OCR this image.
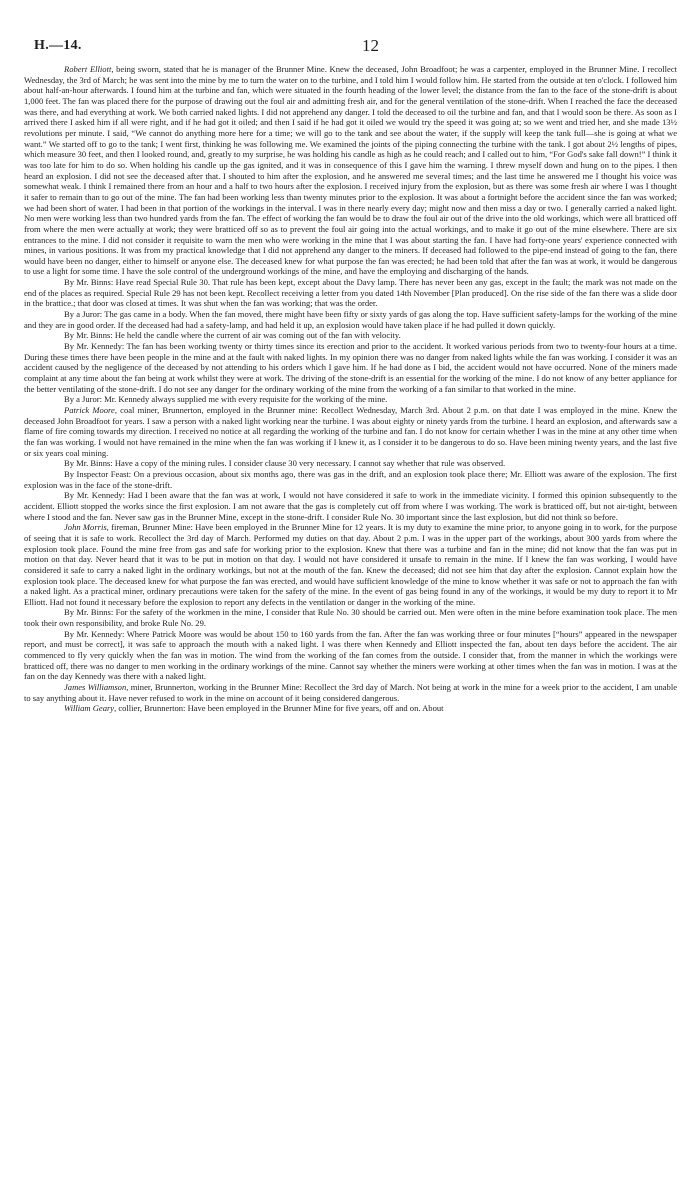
H.—14.	12

Robert Elliott, being sworn, stated that he is manager of the Brunner Mine. Knew the deceased, John Broadfoot; he was a carpenter, employed in the Brunner Mine. I recollect Wednesday, the 3rd of March; he was sent into the mine by me to turn the water on to the turbine, and I told him I would follow him. He started from the outside at ten o'clock. I followed him about half-an-hour afterwards. I found him at the turbine and fan, which were situated in the fourth heading of the lower level; the distance from the fan to the face of the stone-drift is about 1,000 feet. The fan was placed there for the purpose of drawing out the foul air and admitting fresh air, and for the general ventilation of the stone-drift. When I reached the face the deceased was there, and had everything at work. We both carried naked lights. I did not apprehend any danger. I told the deceased to oil the turbine and fan, and that I would soon be there. As soon as I arrived there I asked him if all were right, and if he had got it oiled; and then I said if he had got it oiled we would try the speed it was going at; so we went and tried her, and she made 13½ revolutions per minute. I said, “We cannot do anything more here for a time; we will go to the tank and see about the water, if the supply will keep the tank full—she is going at what we want.” We started off to go to the tank; I went first, thinking he was following me. We examined the joints of the piping connecting the turbine with the tank. I got about 2½ lengths of pipes, which measure 30 feet, and then I looked round, and, greatly to my surprise, he was holding his candle as high as he could reach; and I called out to him, “For God's sake fall down!” I think it was too late for him to do so. When holding his candle up the gas ignited, and it was in consequence of this I gave him the warning. I threw myself down and hung on to the pipes. I then heard an explosion. I did not see the deceased after that. I shouted to him after the explosion, and he answered me several times; and the last time he answered me I thought his voice was somewhat weak. I think I remained there from an hour and a half to two hours after the explosion. I received injury from the explosion, but as there was some fresh air where I was I thought it safer to remain than to go out of the mine. The fan had been working less than twenty minutes prior to the explosion. It was about a fortnight before the accident since the fan was worked; we had been short of water. I had been in that portion of the workings in the interval. I was in there nearly every day; might now and then miss a day or two. I generally carried a naked light. No men were working less than two hundred yards from the fan. The effect of working the fan would be to draw the foul air out of the drive into the old workings, which were all bratticed off from where the men were actually at work; they were bratticed off so as to prevent the foul air going into the actual workings, and to make it go out of the mine elsewhere. There are six entrances to the mine. I did not consider it requisite to warn the men who were working in the mine that I was about starting the fan. I have had forty-one years' experience connected with mines, in various positions. It was from my practical knowledge that I did not apprehend any danger to the miners. If deceased had followed to the pipe-end instead of going to the fan, there would have been no danger, either to himself or anyone else. The deceased knew for what purpose the fan was erected; he had been told that after the fan was at work, it would be dangerous to use a light for some time. I have the sole control of the underground workings of the mine, and have the employing and discharging of the hands.

By Mr. Binns: Have read Special Rule 30. That rule has been kept, except about the Davy lamp. There has never been any gas, except in the fault; the mark was not made on the end of the places as required. Special Rule 29 has not been kept. Recollect receiving a letter from you dated 14th November [Plan produced]. On the rise side of the fan there was a slide door in the brattice.; that door was closed at times. It was shut when the fan was working; that was the order.

By a Juror: The gas came in a body. When the fan moved, there might have been fifty or sixty yards of gas along the top. Have sufficient safety-lamps for the working of the mine and they are in good order. If the deceased had had a safety-lamp, and had held it up, an explosion would have taken place if he had pulled it down quickly.

By Mr. Binns: He held the candle where the current of air was coming out of the fan with velocity.

By Mr. Kennedy: The fan has been working twenty or thirty times since its erection and prior to the accident. It worked various periods from two to twenty-four hours at a time. During these times there have been people in the mine and at the fault with naked lights. In my opinion there was no danger from naked lights while the fan was working. I consider it was an accident caused by the negligence of the deceased by not attending to his orders which I gave him. If he had done as I bid, the accident would not have occurred. None of the miners made complaint at any time about the fan being at work whilst they were at work. The driving of the stone-drift is an essential for the working of the mine. I do not know of any better appliance for the better ventilating of the stone-drift. I do not see any danger for the ordinary working of the mine from the working of a fan similar to that worked in the mine.

By a Juror: Mr. Kennedy always supplied me with every requisite for the working of the mine.

Patrick Moore, coal miner, Brunnerton, employed in the Brunner mine: Recollect Wednesday, March 3rd. About 2 p.m. on that date I was employed in the mine. Knew the deceased John Broadfoot for years. I saw a person with a naked light working near the turbine. I was about eighty or ninety yards from the turbine. I heard an explosion, and afterwards saw a flame of fire coming towards my direction. I received no notice at all regarding the working of the turbine and fan. I do not know for certain whether I was in the mine at any other time when the fan was working. I would not have remained in the mine when the fan was working if I knew it, as I consider it to be dangerous to do so. Have been mining twenty years, and the last five or six years coal mining.

By Mr. Binns: Have a copy of the mining rules. I consider clause 30 very necessary. I cannot say whether that rule was observed.

By Inspector Feast: On a previous occasion, about six months ago, there was gas in the drift, and an explosion took place there; Mr. Elliott was aware of the explosion. The first explosion was in the face of the stone-drift.

By Mr. Kennedy: Had I been aware that the fan was at work, I would not have considered it safe to work in the immediate vicinity. I formed this opinion subsequently to the accident. Elliott stopped the works since the first explosion. I am not aware that the gas is completely cut off from where I was working. The work is bratticed off, but not air-tight, between where I stood and the fan. Never saw gas in the Brunner Mine, except in the stone-drift. I consider Rule No. 30 important since the last explosion, but did not think so before.

John Morris, fireman, Brunner Mine: Have been employed in the Brunner Mine for 12 years. It is my duty to examine the mine prior, to anyone going in to work, for the purpose of seeing that it is safe to work. Recollect the 3rd day of March. Performed my duties on that day. About 2 p.m. I was in the upper part of the workings, about 300 yards from where the explosion took place. Found the mine free from gas and safe for working prior to the explosion. Knew that there was a turbine and fan in the mine; did not know that the fan was put in motion on that day. Never heard that it was to be put in motion on that day. I would not have considered it unsafe to remain in the mine. If I knew the fan was working, I would have considered it safe to carry a naked light in the ordinary workings, but not at the mouth of the fan. Knew the deceased; did not see him that day after the explosion. Cannot explain how the explosion took place. The deceased knew for what purpose the fan was erected, and would have sufficient knowledge of the mine to know whether it was safe or not to approach the fan with a naked light. As a practical miner, ordinary precautions were taken for the safety of the mine. In the event of gas being found in any of the workings, it would be my duty to report it to Mr Elliott. Had not found it necessary before the explosion to report any defects in the ventilation or danger in the working of the mine.

By Mr. Binns: For the safety of the workmen in the mine, I consider that Rule No. 30 should be carried out. Men were often in the mine before examination took place. The men took their own responsibility, and broke Rule No. 29.

By Mr. Kennedy: Where Patrick Moore was would be about 150 to 160 yards from the fan. After the fan was working three or four minutes [“hours” appeared in the newspaper report, and must be correct], it was safe to approach the mouth with a naked light. I was there when Kennedy and Elliott inspected the fan, about ten days before the accident. The air commenced to fly very quickly when the fan was in motion. The wind from the working of the fan comes from the outside. I consider that, from the manner in which the workings were bratticed off, there was no danger to men working in the ordinary workings of the mine. Cannot say whether the miners were working at other times when the fan was in motion. I was at the fan on the day Kennedy was there with a naked light.

James Williamson, miner, Brunnerton, working in the Brunner Mine: Recollect the 3rd day of March. Not being at work in the mine for a week prior to the accident, I am unable to say anything about it. Have never refused to work in the mine on account of it being considered dangerous.

William Geary, collier, Brunnerton: Have been employed in the Brunner Mine for five years, off and on. About
